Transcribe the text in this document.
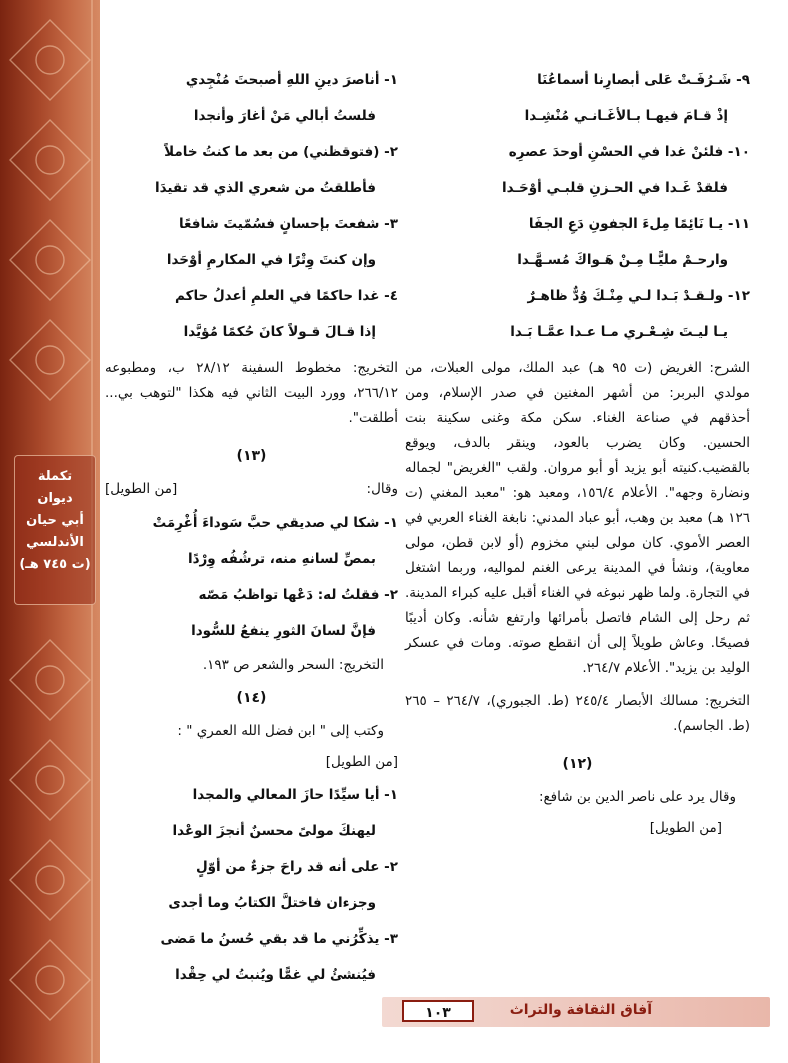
تكملة
ديوان
أبي حيان
الأندلسي
(ت ٧٤٥ هـ)
٩- شَـرُفَـتْ عَلى أبصارِنا أسماعُنَا
إذْ قـامَ فيهـا بـالأغَـانـي مُنْشِـدا
١٠- فلئنْ غدا في الحسْنِ أوحدَ عصرِه
فلقدْ غَـدا في الحـزنِ قلبـي أوْحَـدا
١١- يـا نَائِمًا مِلءَ الجفونِ دَعِ الجفَا
وارحـمْ مليًّـا مِـنْ هَـواكَ مُسـهَّـدا
١٢- ولـقـدْ بَـدا لـي مِنْـكَ وُدٌّ ظاهـرٌ
يـا ليـتَ شِـعْـري مـا عـدا عمَّـا بَـدا
الشرح: الغريض (ت ٩٥ هـ) عبد الملك، مولى العبلات، من مولدي البربر: من أشهر المغنين في صدر الإسلام، ومن أحذقهم في صناعة الغناء. سكن مكة وغنى سكينة بنت الحسين. وكان يضرب بالعود، وينقر بالدف، ويوقع بالقضيب.كنيته أبو يزيد أو أبو مروان. ولقب "الغريض" لجماله ونضارة وجهه". الأعلام ١٥٦/٤، ومعبد هو: "معبد المغني (ت ١٢٦ هـ) معبد بن وهب، أبو عباد المدني: نابغة الغناء العربي في العصر الأموي. كان مولى لبني مخزوم (أو لابن قطن، مولى معاوية)، ونشأ في المدينة يرعى الغنم لمواليه، وربما اشتغل في التجارة. ولما ظهر نبوغه في الغناء أقبل عليه كبراء المدينة. ثم رحل إلى الشام فاتصل بأمرائها وارتفع شأنه. وكان أديبًا فصيحًا. وعاش طويلاً إلى أن انقطع صوته. ومات في عسكر الوليد بن يزيد". الأعلام ٢٦٤/٧.
التخريج: مسالك الأبصار ٢٤٥/٤ (ط. الجبوري)، ٢٦٤/٧ – ٢٦٥ (ط. الجاسم).
(١٢)
وقال يرد على ناصر الدين بن شافع:
[من الطويل]
١- أناصرَ دينِ اللهِ أصبحتَ مُنْجِدي
فلستُ أبالي مَنْ أغارَ وأنجدا
٢- (فتوقظني) من بعد ما كنتُ خاملاً
فأطلقتُ من شعري الذي قد تقيدَا
٣- شفعتَ بإحسانٍ فسُمّيتَ شافعًا
وإن كنتَ وِتْرًا في المكارمِ أوْحَدا
٤- غدا حاكمًا في العلمِ أعدلُ حاكم
إذا قـالَ قـولاً كانَ حُكمًا مُؤيَّدا
التخريج: مخطوط السفينة ٢٨/١٢ ب، ومطبوعه ٢٦٦/١٢، وورد البيت الثاني فيه هكذا "لتوهب بي... أطلقت".
(١٣)
وقال:
[من الطويل]
١- شكا لي صديقي حبَّ سَوداءَ أُغْرِمَتْ
بمصِّ لسانهِ منه، ترشُفُه وِرْدًا
٢- فقلتُ له: دَعْها تواظبُ مَصّه
فإنَّ لسانَ الثورِ ينفعُ للسُّودا
التخريج: السحر والشعر ص ١٩٣.
(١٤)
وكتب إلى " ابن فضل الله العمري " :
[من الطويل]
١- أيا سيِّدًا حازَ المعالي والمجدا
ليهنكَ مولىً محسنٌ أنجزَ الوعْدا
٢- على أنه قد راحَ جزءٌ من أوّلٍ
وجزءان فاختلَّ الكتابُ وما أجدى
٣- يذكِّرُني ما قد بقي حُسنُ ما مَضى
فيُنشئُ لي غمًّا ويُنبتُ لي حِقْدا
آفاق الثقافة والتراث
١٠٣
